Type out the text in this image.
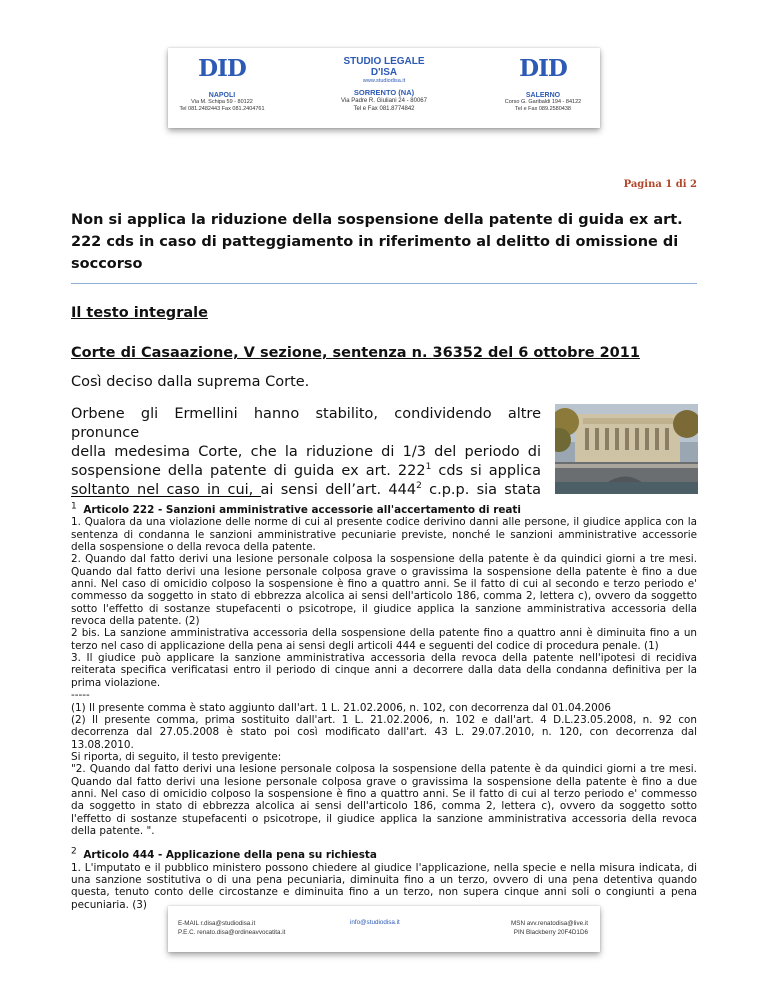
DID
NAPOLI
Via M. Schipa 59 - 80122
Tel 081.2482443 Fax 081.2404761
STUDIO LEGALE
D'ISA
www.studiodisa.it
SORRENTO (NA)
Via Padre R. Giuliani 24 - 80067
Tel e Fax 081.8774842
DID
SALERNO
Corso G. Garibaldi 194 - 84122
Tel e Fax 089.2580438
Pagina 1 di 2
Non si applica la riduzione della sospensione della patente di guida ex art. 222 cds in caso di patteggiamento in riferimento al delitto di omissione di soccorso
Il testo integrale
Corte di Casaazione, V sezione, sentenza n. 36352 del 6 ottobre 2011
Così deciso dalla suprema Corte.
Orbene gli Ermellini hanno stabilito, condividendo altre pronunce
della medesima Corte, che la riduzione di 1/3 del periodo di
sospensione della patente di guida ex art. $222^1$ cds si applica
soltanto nel caso in cui, ai sensi dell’art. $444^2$ c.p.p. sia stata

$^1$ Articolo 222 - Sanzioni amministrative accessorie all'accertamento di reati

1. Qualora da una violazione delle norme di cui al presente codice derivino danni alle persone, il giudice applica con la sentenza di condanna le sanzioni amministrative pecuniarie previste, nonché le sanzioni amministrative accessorie della sospensione o della revoca della patente.

2. Quando dal fatto derivi una lesione personale colposa la sospensione della patente è da quindici giorni a tre mesi. Quando dal fatto derivi una lesione personale colposa grave o gravissima la sospensione della patente è fino a due anni. Nel caso di omicidio colposo la sospensione è fino a quattro anni. Se il fatto di cui al secondo e terzo periodo e' commesso da soggetto in stato di ebbrezza alcolica ai sensi dell'articolo 186, comma 2, lettera c), ovvero da soggetto sotto l'effetto di sostanze stupefacenti o psicotrope, il giudice applica la sanzione amministrativa accessoria della revoca della patente. (2)

2 bis. La sanzione amministrativa accessoria della sospensione della patente fino a quattro anni è diminuita fino a un terzo nel caso di applicazione della pena ai sensi degli articoli 444 e seguenti del codice di procedura penale. (1)

3. Il giudice può applicare la sanzione amministrativa accessoria della revoca della patente nell'ipotesi di recidiva reiterata specifica verificatasi entro il periodo di cinque anni a decorrere dalla data della condanna definitiva per la prima violazione.

-----

(1) Il presente comma è stato aggiunto dall'art. 1 L. 21.02.2006, n. 102, con decorrenza dal 01.04.2006

(2) Il presente comma, prima sostituito dall'art. 1 L. 21.02.2006, n. 102 e dall'art. 4 D.L.23.05.2008, n. 92 con decorrenza dal 27.05.2008 è stato poi così modificato dall'art. 43 L. 29.07.2010, n. 120, con decorrenza dal 13.08.2010.

Si riporta, di seguito, il testo previgente:

"2. Quando dal fatto derivi una lesione personale colposa la sospensione della patente è da quindici giorni a tre mesi. Quando dal fatto derivi una lesione personale colposa grave o gravissima la sospensione della patente è fino a due anni. Nel caso di omicidio colposo la sospensione è fino a quattro anni. Se il fatto di cui al terzo periodo e' commesso da soggetto in stato di ebbrezza alcolica ai sensi dell'articolo 186, comma 2, lettera c), ovvero da soggetto sotto l'effetto di sostanze stupefacenti o psicotrope, il giudice applica la sanzione amministrativa accessoria della revoca della patente. ".

$^2$ Articolo 444 - Applicazione della pena su richiesta

1. L'imputato e il pubblico ministero possono chiedere al giudice l'applicazione, nella specie e nella misura indicata, di una sanzione sostitutiva o di una pena pecuniaria, diminuita fino a un terzo, ovvero di una pena detentiva quando questa, tenuto conto delle circostanze e diminuita fino a un terzo, non supera cinque anni soli o congiunti a pena pecuniaria. (3)

E-MAIL r.disa@studiodisa.it
P.E.C. renato.disa@ordineavvocatita.it
info@studiodisa.it	MSN avv.renatodisa@live.it
PIN Blackberry 20F4D1D6
